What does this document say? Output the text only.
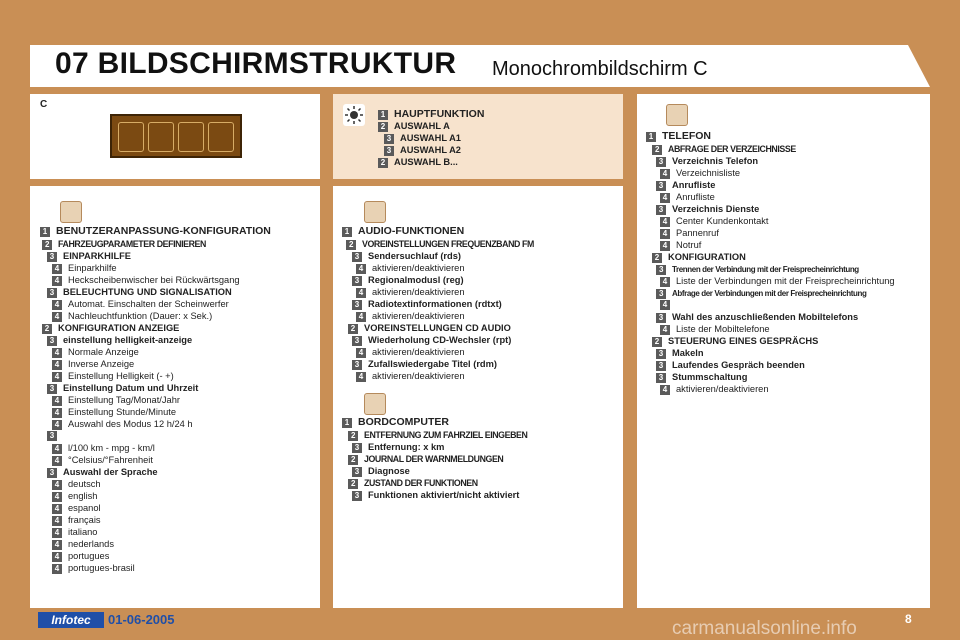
07 BILDSCHIRMSTRUKTUR Monochrombildschirm C
C
1 HAUPTFUNKTION
2 AUSWAHL A
3 AUSWAHL A1
3 AUSWAHL A2
2 AUSWAHL B...
1 BENUTZERANPASSUNG-KONFIGURATION
2	FAHRZEUGPARAMETER DEFINIEREN
3 EINPARKHILFE
4 Einparkhilfe
4 Heckscheibenwischer bei Rückwärtsgang
3 BELEUCHTUNG UND SIGNALISATION
4 Automat. Einschalten der Scheinwerfer
4 Nachleuchtfunktion (Dauer: x Sek.)
2 KONFIGURATION ANZEIGE
3 einstellung helligkeit-anzeige
4 Normale Anzeige
4 Inverse Anzeige
4 Einstellung Helligkeit (- +)
3 Einstellung Datum und Uhrzeit
4 Einstellung Tag/Monat/Jahr
4 Einstellung Stunde/Minute
4 Auswahl des Modus 12 h/24 h
3
4 l/100 km - mpg - km/l
4 °Celsius/°Fahrenheit
3 Auswahl der Sprache
4 deutsch
4 english
4 espanol
4 français
4 italiano
4 nederlands
4 portugues
4 portugues-brasil
1 AUDIO-FUNKTIONEN
2	VOREINSTELLUNGEN FREQUENZBAND FM
3 Sendersuchlauf (rds)
4 aktivieren/deaktivieren
3 Regionalmodusl (reg)
4 aktivieren/deaktivieren
3 Radiotextinformationen (rdtxt)
4 aktivieren/deaktivieren
2 VOREINSTELLUNGEN CD AUDIO
3 Wiederholung CD-Wechsler (rpt)
4 aktivieren/deaktivieren
3 Zufallswiedergabe Titel (rdm)
4 aktivieren/deaktivieren
1 BORDCOMPUTER
2	ENTFERNUNG ZUM FAHRZIEL EINGEBEN
3 Entfernung: x km
2	JOURNAL DER WARNMELDUNGEN
3 Diagnose
2	ZUSTAND DER FUNKTIONEN
3 Funktionen aktiviert/nicht aktiviert
1 TELEFON
2	ABFRAGE DER VERZEICHNISSE
3 Verzeichnis Telefon
4 Verzeichnisliste
3 Anrufliste
4 Anrufliste
3 Verzeichnis Dienste
4 Center Kundenkontakt
4 Pannenruf
4 Notruf
2 KONFIGURATION
3	Trennen der Verbindung mit der Freisprecheinrichtung
4 Liste der Verbindungen mit der Freisprecheinrichtung
3	Abfrage der Verbindungen mit der Freisprecheinrichtung
4
3 Wahl des anzuschließenden Mobiltelefons
4 Liste der Mobiltelefone
2 STEUERUNG EINES GESPRÄCHS
3 Makeln
3 Laufendes Gespräch beenden
3 Stummschaltung
4 aktivieren/deaktivieren
Infotec	01-06-2005	carmanualsonline.info	8
